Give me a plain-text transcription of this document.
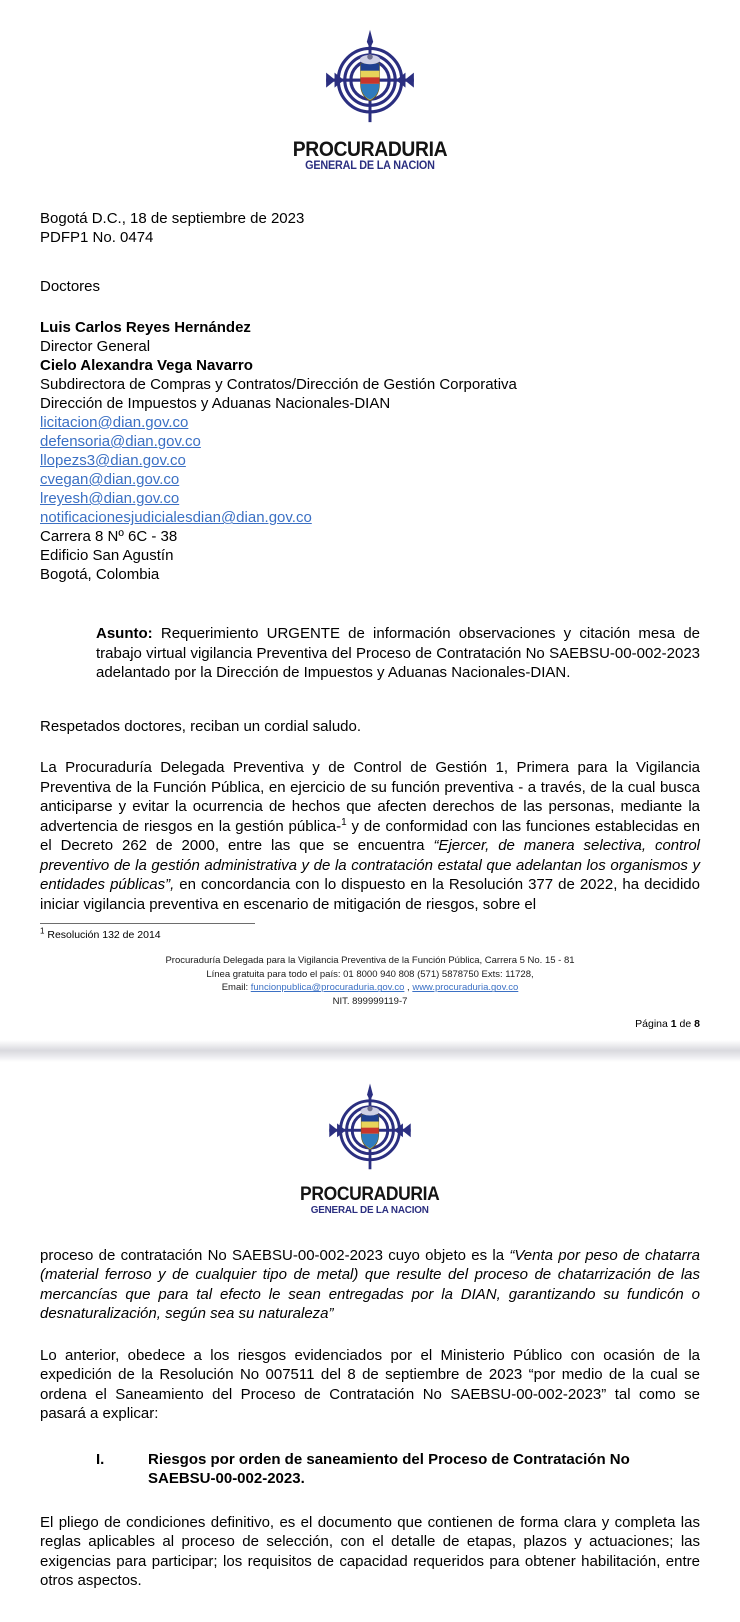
PROCURADURIA
GENERAL DE LA NACION
Bogotá D.C., 18 de septiembre de 2023
PDFP1 No. 0474
Doctores
Luis Carlos Reyes Hernández
Director General
Cielo Alexandra Vega Navarro
Subdirectora de Compras y Contratos/Dirección de Gestión Corporativa
Dirección de Impuestos y Aduanas Nacionales-DIAN
licitacion@dian.gov.co
defensoria@dian.gov.co
llopezs3@dian.gov.co
cvegan@dian.gov.co
lreyesh@dian.gov.co
notificacionesjudicialesdian@dian.gov.co
Carrera 8 Nº 6C - 38
Edificio San Agustín
Bogotá, Colombia
Asunto: Requerimiento URGENTE de información observaciones y citación mesa de trabajo virtual vigilancia Preventiva del Proceso de Contratación No SAEBSU-00-002-2023 adelantado por la Dirección de Impuestos y Aduanas Nacionales-DIAN.

Respetados doctores, reciban un cordial saludo.

La Procuraduría Delegada Preventiva y de Control de Gestión 1, Primera para la Vigilancia Preventiva de la Función Pública, en ejercicio de su función preventiva - a través, de la cual busca anticiparse y evitar la ocurrencia de hechos que afecten derechos de las personas, mediante la advertencia de riesgos en la gestión pública-$^1$ y de conformidad con las funciones establecidas en el Decreto 262 de 2000, entre las que se encuentra “Ejercer, de manera selectiva, control preventivo de la gestión administrativa y de la contratación estatal que adelantan los organismos y entidades públicas”, en concordancia con lo dispuesto en la Resolución 377 de 2022, ha decidido iniciar vigilancia preventiva en escenario de mitigación de riesgos, sobre el

$^1$ Resolución 132 de 2014
Procuraduría Delegada para la Vigilancia Preventiva de la Función Pública, Carrera 5 No. 15 - 81
Línea gratuita para todo el país: 01 8000 940 808 (571) 5878750 Exts: 11728,
Email: funcionpublica@procuraduria.gov.co , www.procuraduria.gov.co
NIT. 899999119-7
Página 1 de 8
PROCURADURIA
GENERAL DE LA NACION

proceso de contratación No SAEBSU-00-002-2023 cuyo objeto es la “Venta por peso de chatarra (material ferroso y de cualquier tipo de metal) que resulte del proceso de chatarrización de las mercancías que para tal efecto le sean entregadas por la DIAN, garantizando su fundicón o desnaturalización, según sea su naturaleza”

Lo anterior, obedece a los riesgos evidenciados por el Ministerio Público con ocasión de la expedición de la Resolución No 007511 del 8 de septiembre de 2023 “por medio de la cual se ordena el Saneamiento del Proceso de Contratación No SAEBSU-00-002-2023” tal como se pasará a explicar:

I.	Riesgos por orden de saneamiento del Proceso de Contratación No SAEBSU-00-002-2023.

El pliego de condiciones definitivo, es el documento que contienen de forma clara y completa las reglas aplicables al proceso de selección, con el detalle de etapas, plazos y actuaciones; las exigencias para participar; los requisitos de capacidad requeridos para obtener habilitación, entre otros aspectos.
